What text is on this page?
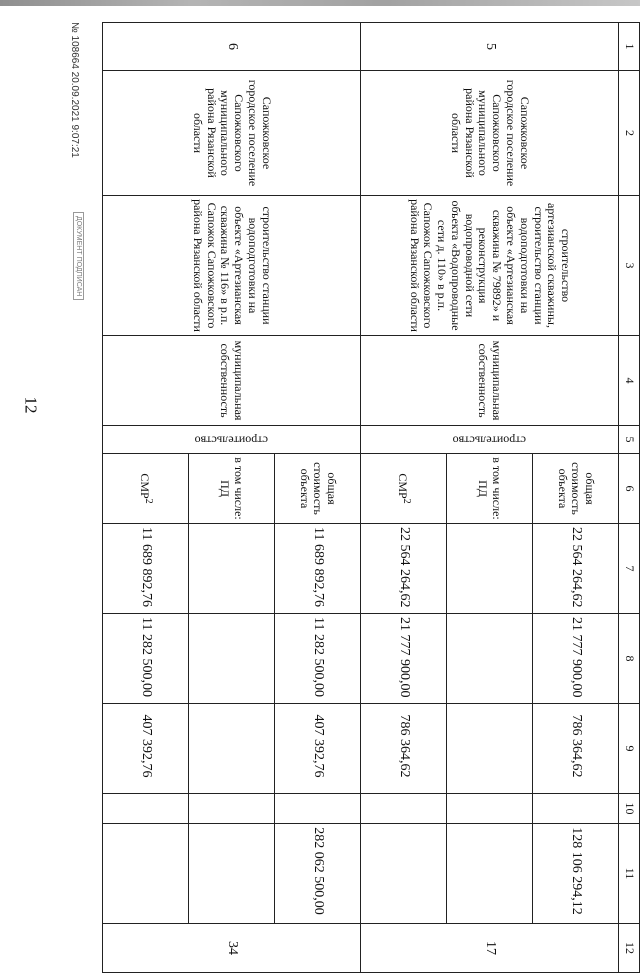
12
1	2	3	4	5	6	7	8	9	10	11	12
5	Сапожковское городское поселение Сапожковского муниципального района Рязанской области	строительство артезианской скважины, строительство станции водоподготовки на объекте «Артезианская скважина № 79892» и реконструкция водопроводной сети объекта «Водопроводные сети д. 110» в р.п. Сапожок Сапожковского района Рязанской области	муниципальная собственность	строительство	общая стоимость объекта	22 564 264,62	21 777 900,00	786 364,62		128 106 294,12	17
					в том числе: ПД						
					СМР$^2$	22 564 264,62	21 777 900,00	786 364,62			
6	Сапожковское городское поселение Сапожковского муниципального района Рязанской области	строительство станции водоподготовки на объекте «Артезианская скважина № 116» в р.п. Сапожок Сапожковского района Рязанской области	муниципальная собственность	строительство	общая стоимость объекта	11 689 892,76	11 282 500,00	407 392,76		282 062 500,00	34
					в том числе: ПД						
					СМР$^2$	11 689 892,76	11 282 500,00	407 392,76			
№ 108664 20.09.2021 9:07:21
ДОКУМЕНТ ПОДПИСАН
